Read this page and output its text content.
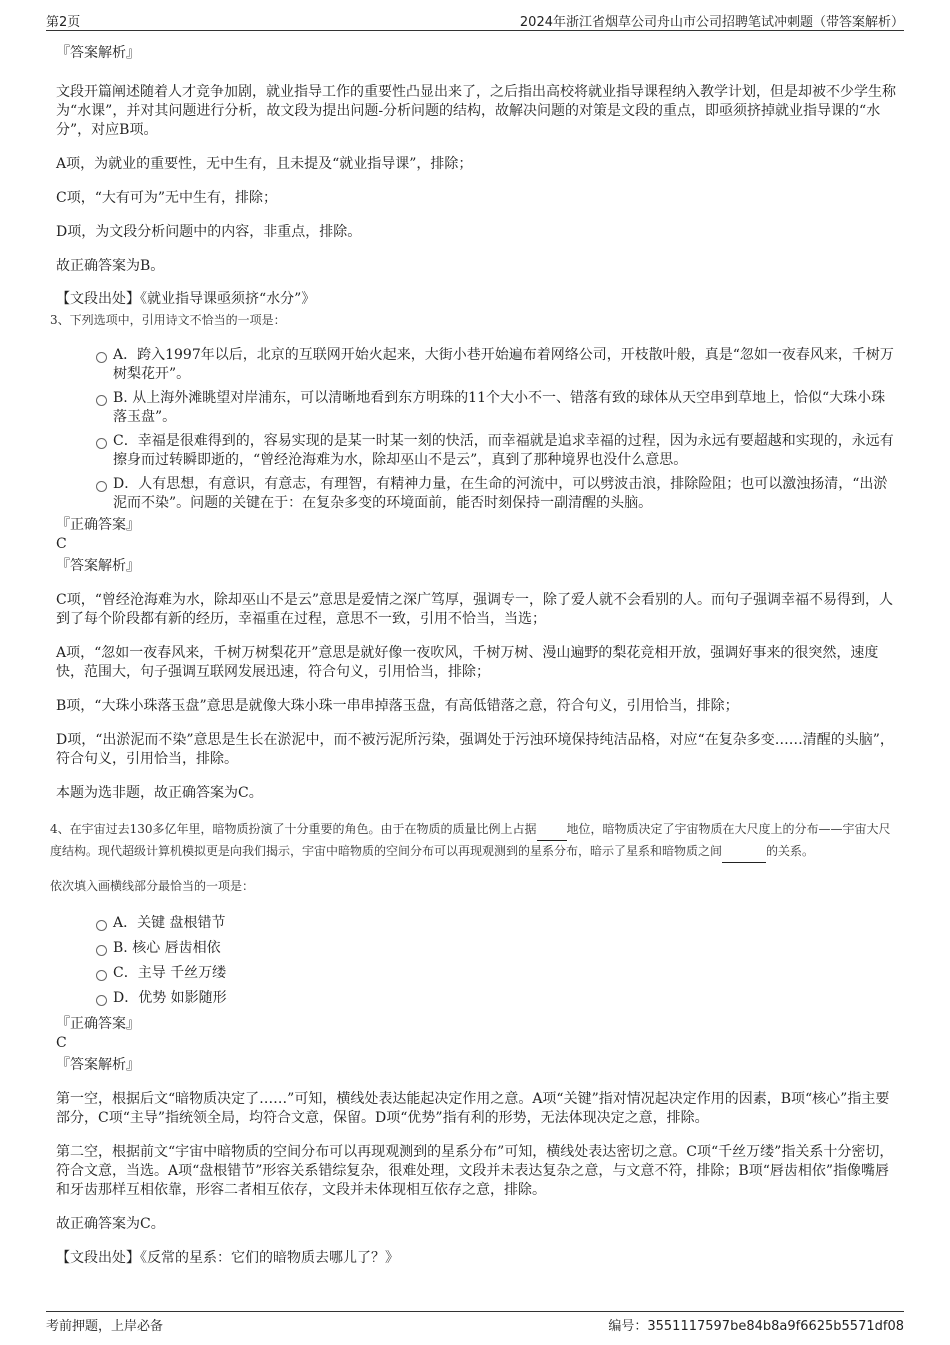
第2页	2024年浙江省烟草公司舟山市公司招聘笔试冲刺题（带答案解析）
『答案解析』
文段开篇阐述随着人才竞争加剧，就业指导工作的重要性凸显出来了，之后指出高校将就业指导课程纳入教学计划，但是却被不少学生称为“水课”，并对其问题进行分析，故文段为提出问题-分析问题的结构，故解决问题的对策是文段的重点，即亟须挤掉就业指导课的“水分”，对应B项。
A项，为就业的重要性，无中生有，且未提及“就业指导课”，排除；
C项，“大有可为”无中生有，排除；
D项，为文段分析问题中的内容，非重点，排除。
故正确答案为B。
【文段出处】《就业指导课亟须挤“水分”》
3、下列选项中，引用诗文不恰当的一项是：
A．跨入1997年以后，北京的互联网开始火起来，大街小巷开始遍布着网络公司，开枝散叶般，真是“忽如一夜春风来，千树万树梨花开”。
B. 从上海外滩眺望对岸浦东，可以清晰地看到东方明珠的11个大小不一、错落有致的球体从天空串到草地上，恰似“大珠小珠落玉盘”。
C．幸福是很难得到的，容易实现的是某一时某一刻的快活，而幸福就是追求幸福的过程，因为永远有要超越和实现的，永远有擦身而过转瞬即逝的，“曾经沧海难为水，除却巫山不是云”，真到了那种境界也没什么意思。
D．人有思想，有意识，有意志，有理智，有精神力量，在生命的河流中，可以劈波击浪，排除险阻；也可以激浊扬清，“出淤泥而不染”。问题的关键在于：在复杂多变的环境面前，能否时刻保持一副清醒的头脑。
『正确答案』
C
『答案解析』
C项，“曾经沧海难为水，除却巫山不是云”意思是爱情之深广笃厚，强调专一，除了爱人就不会看别的人。而句子强调幸福不易得到，人到了每个阶段都有新的经历，幸福重在过程，意思不一致，引用不恰当，当选；
A项，“忽如一夜春风来，千树万树梨花开”意思是就好像一夜吹风，千树万树、漫山遍野的梨花竞相开放，强调好事来的很突然，速度快，范围大，句子强调互联网发展迅速，符合句义，引用恰当，排除；
B项，“大珠小珠落玉盘”意思是就像大珠小珠一串串掉落玉盘，有高低错落之意，符合句义，引用恰当，排除；
D项，“出淤泥而不染”意思是生长在淤泥中，而不被污泥所污染，强调处于污浊环境保持纯洁品格，对应“在复杂多变……清醒的头脑”，符合句义，引用恰当，排除。
本题为选非题，故正确答案为C。
4、在宇宙过去130多亿年里，暗物质扮演了十分重要的角色。由于在物质的质量比例上占据	地位，暗物质决定了宇宙物质在大尺度上的分布——宇宙大尺度结构。现代超级计算机模拟更是向我们揭示，宇宙中暗物质的空间分布可以再现观测到的星系分布，暗示了星系和暗物质之间	的关系。
依次填入画横线部分最恰当的一项是：
A．关键 盘根错节
B. 核心 唇齿相依
C．主导 千丝万缕
D．优势 如影随形
『正确答案』
C
『答案解析』
第一空，根据后文“暗物质决定了……”可知，横线处表达能起决定作用之意。A项“关键”指对情况起决定作用的因素，B项“核心”指主要部分，C项“主导”指统领全局，均符合文意，保留。D项“优势”指有利的形势，无法体现决定之意，排除。
第二空，根据前文“宇宙中暗物质的空间分布可以再现观测到的星系分布”可知，横线处表达密切之意。C项“千丝万缕”指关系十分密切，符合文意，当选。A项“盘根错节”形容关系错综复杂，很难处理，文段并未表达复杂之意，与文意不符，排除；B项“唇齿相依”指像嘴唇和牙齿那样互相依靠，形容二者相互依存，文段并未体现相互依存之意，排除。
故正确答案为C。
【文段出处】《反常的星系：它们的暗物质去哪儿了？》
考前押题，上岸必备	编号：3551117597be84b8a9f6625b5571df08
